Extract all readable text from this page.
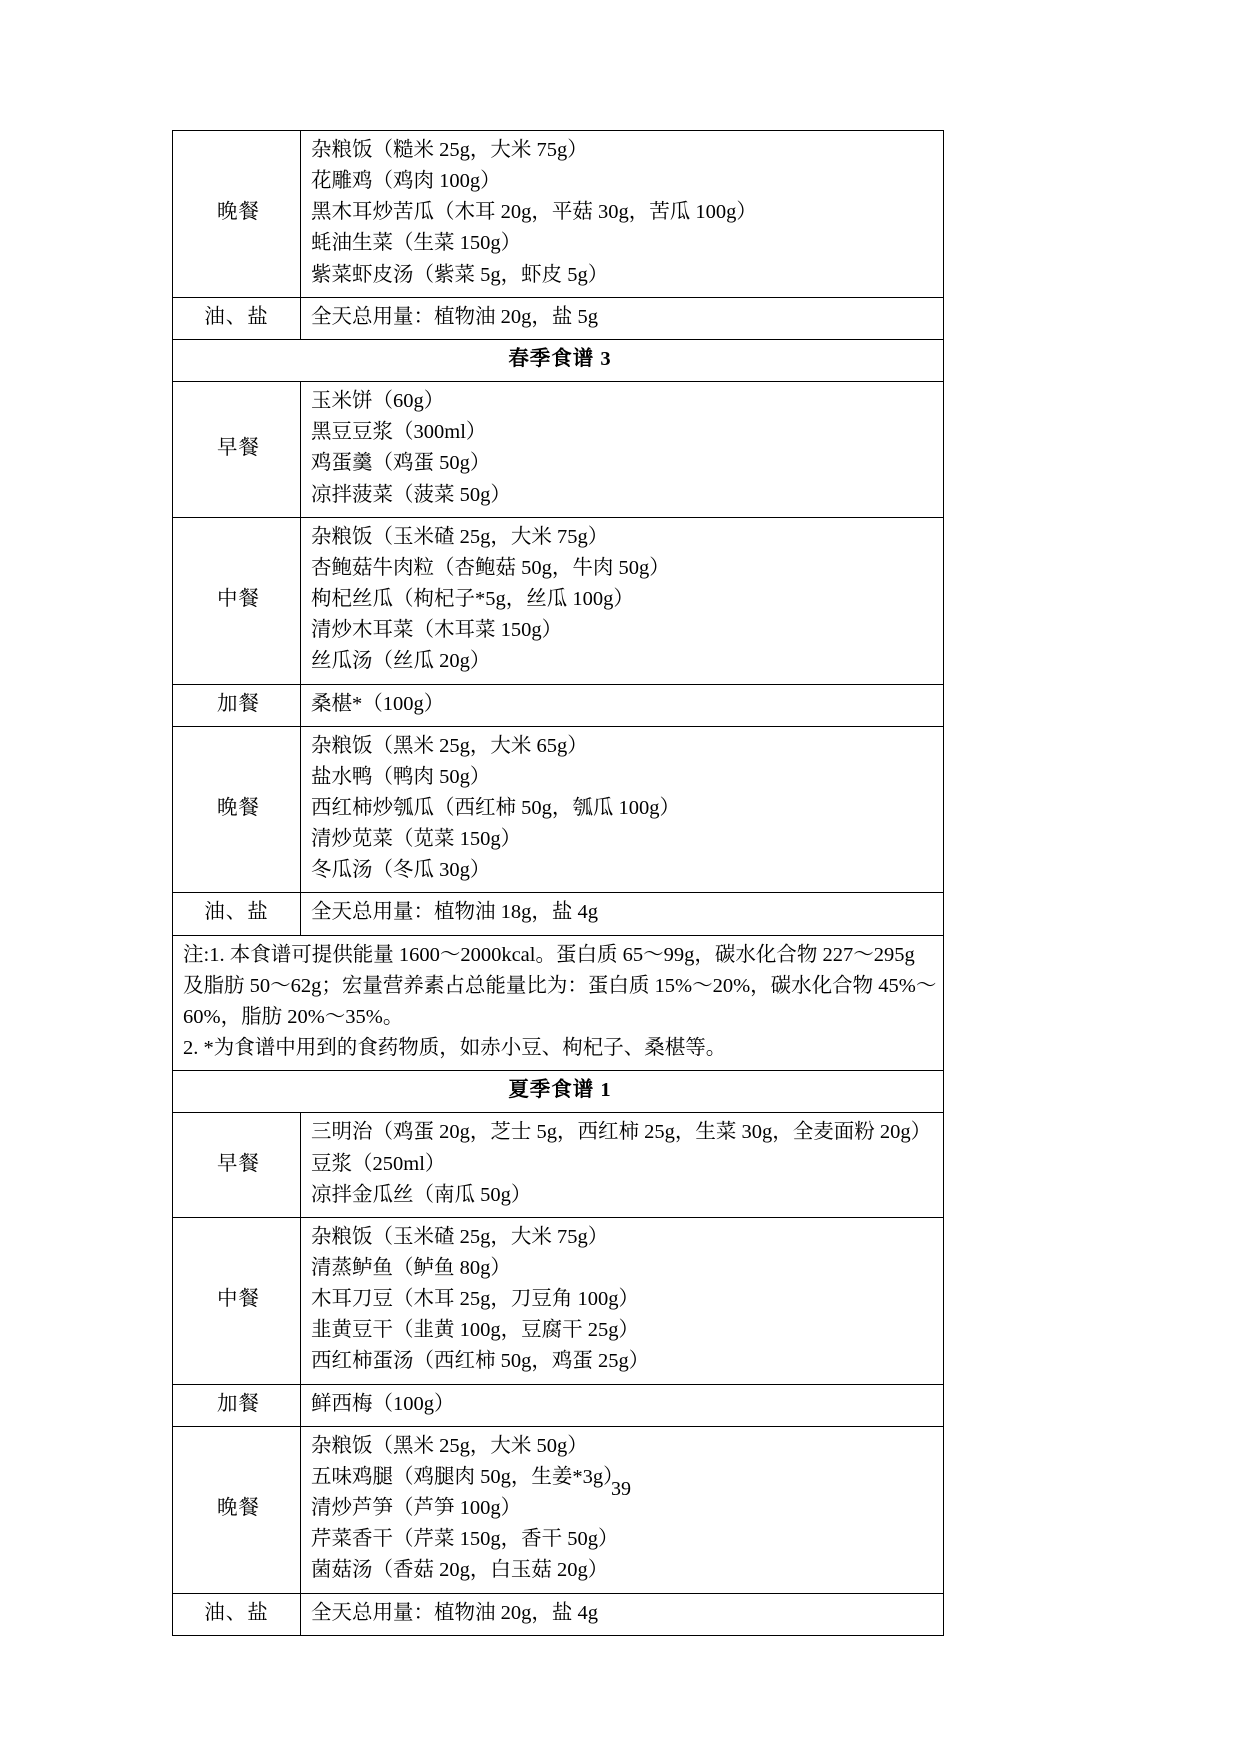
晚餐	杂粮饭（糙米 25g，大米 75g）
花雕鸡（鸡肉 100g）
黑木耳炒苦瓜（木耳 20g，平菇 30g，苦瓜 100g）
蚝油生菜（生菜 150g）
紫菜虾皮汤（紫菜 5g，虾皮 5g）

油、盐	全天总用量：植物油 20g，盐 5g

春季食谱 3	
早餐	玉米饼（60g）
黑豆豆浆（300ml）
鸡蛋羹（鸡蛋 50g）
凉拌菠菜（菠菜 50g）

中餐	杂粮饭（玉米碴 25g，大米 75g）
杏鲍菇牛肉粒（杏鲍菇 50g，牛肉 50g）
枸杞丝瓜（枸杞子*5g，丝瓜 100g）
清炒木耳菜（木耳菜 150g）
丝瓜汤（丝瓜 20g）

加餐	桑椹*（100g）

晚餐	杂粮饭（黑米 25g，大米 65g）
盐水鸭（鸭肉 50g）
西红柿炒瓠瓜（西红柿 50g，瓠瓜 100g）
清炒苋菜（苋菜 150g）
冬瓜汤（冬瓜 30g）

油、盐	全天总用量：植物油 18g，盐 4g

注:1. 本食谱可提供能量 1600～2000kcal。蛋白质 65～99g，碳水化合物 227～295g 及脂肪 50～62g；宏量营养素占总能量比为：蛋白质 15%～20%，碳水化合物 45%～60%，脂肪 20%～35%。

2. *为食谱中用到的食药物质，如赤小豆、枸杞子、桑椹等。	

夏季食谱 1	
早餐	三明治（鸡蛋 20g，芝士 5g，西红柿 25g，生菜 30g，全麦面粉 20g）
豆浆（250ml）
凉拌金瓜丝（南瓜 50g）

中餐	杂粮饭（玉米碴 25g，大米 75g）
清蒸鲈鱼（鲈鱼 80g）
木耳刀豆（木耳 25g，刀豆角 100g）
韭黄豆干（韭黄 100g，豆腐干 25g）
西红柿蛋汤（西红柿 50g，鸡蛋 25g）

加餐	鲜西梅（100g）

晚餐	杂粮饭（黑米 25g，大米 50g）
五味鸡腿（鸡腿肉 50g，生姜*3g）
清炒芦笋（芦笋 100g）
芹菜香干（芹菜 150g，香干 50g）
菌菇汤（香菇 20g，白玉菇 20g）

油、盐	全天总用量：植物油 20g，盐 4g
39
